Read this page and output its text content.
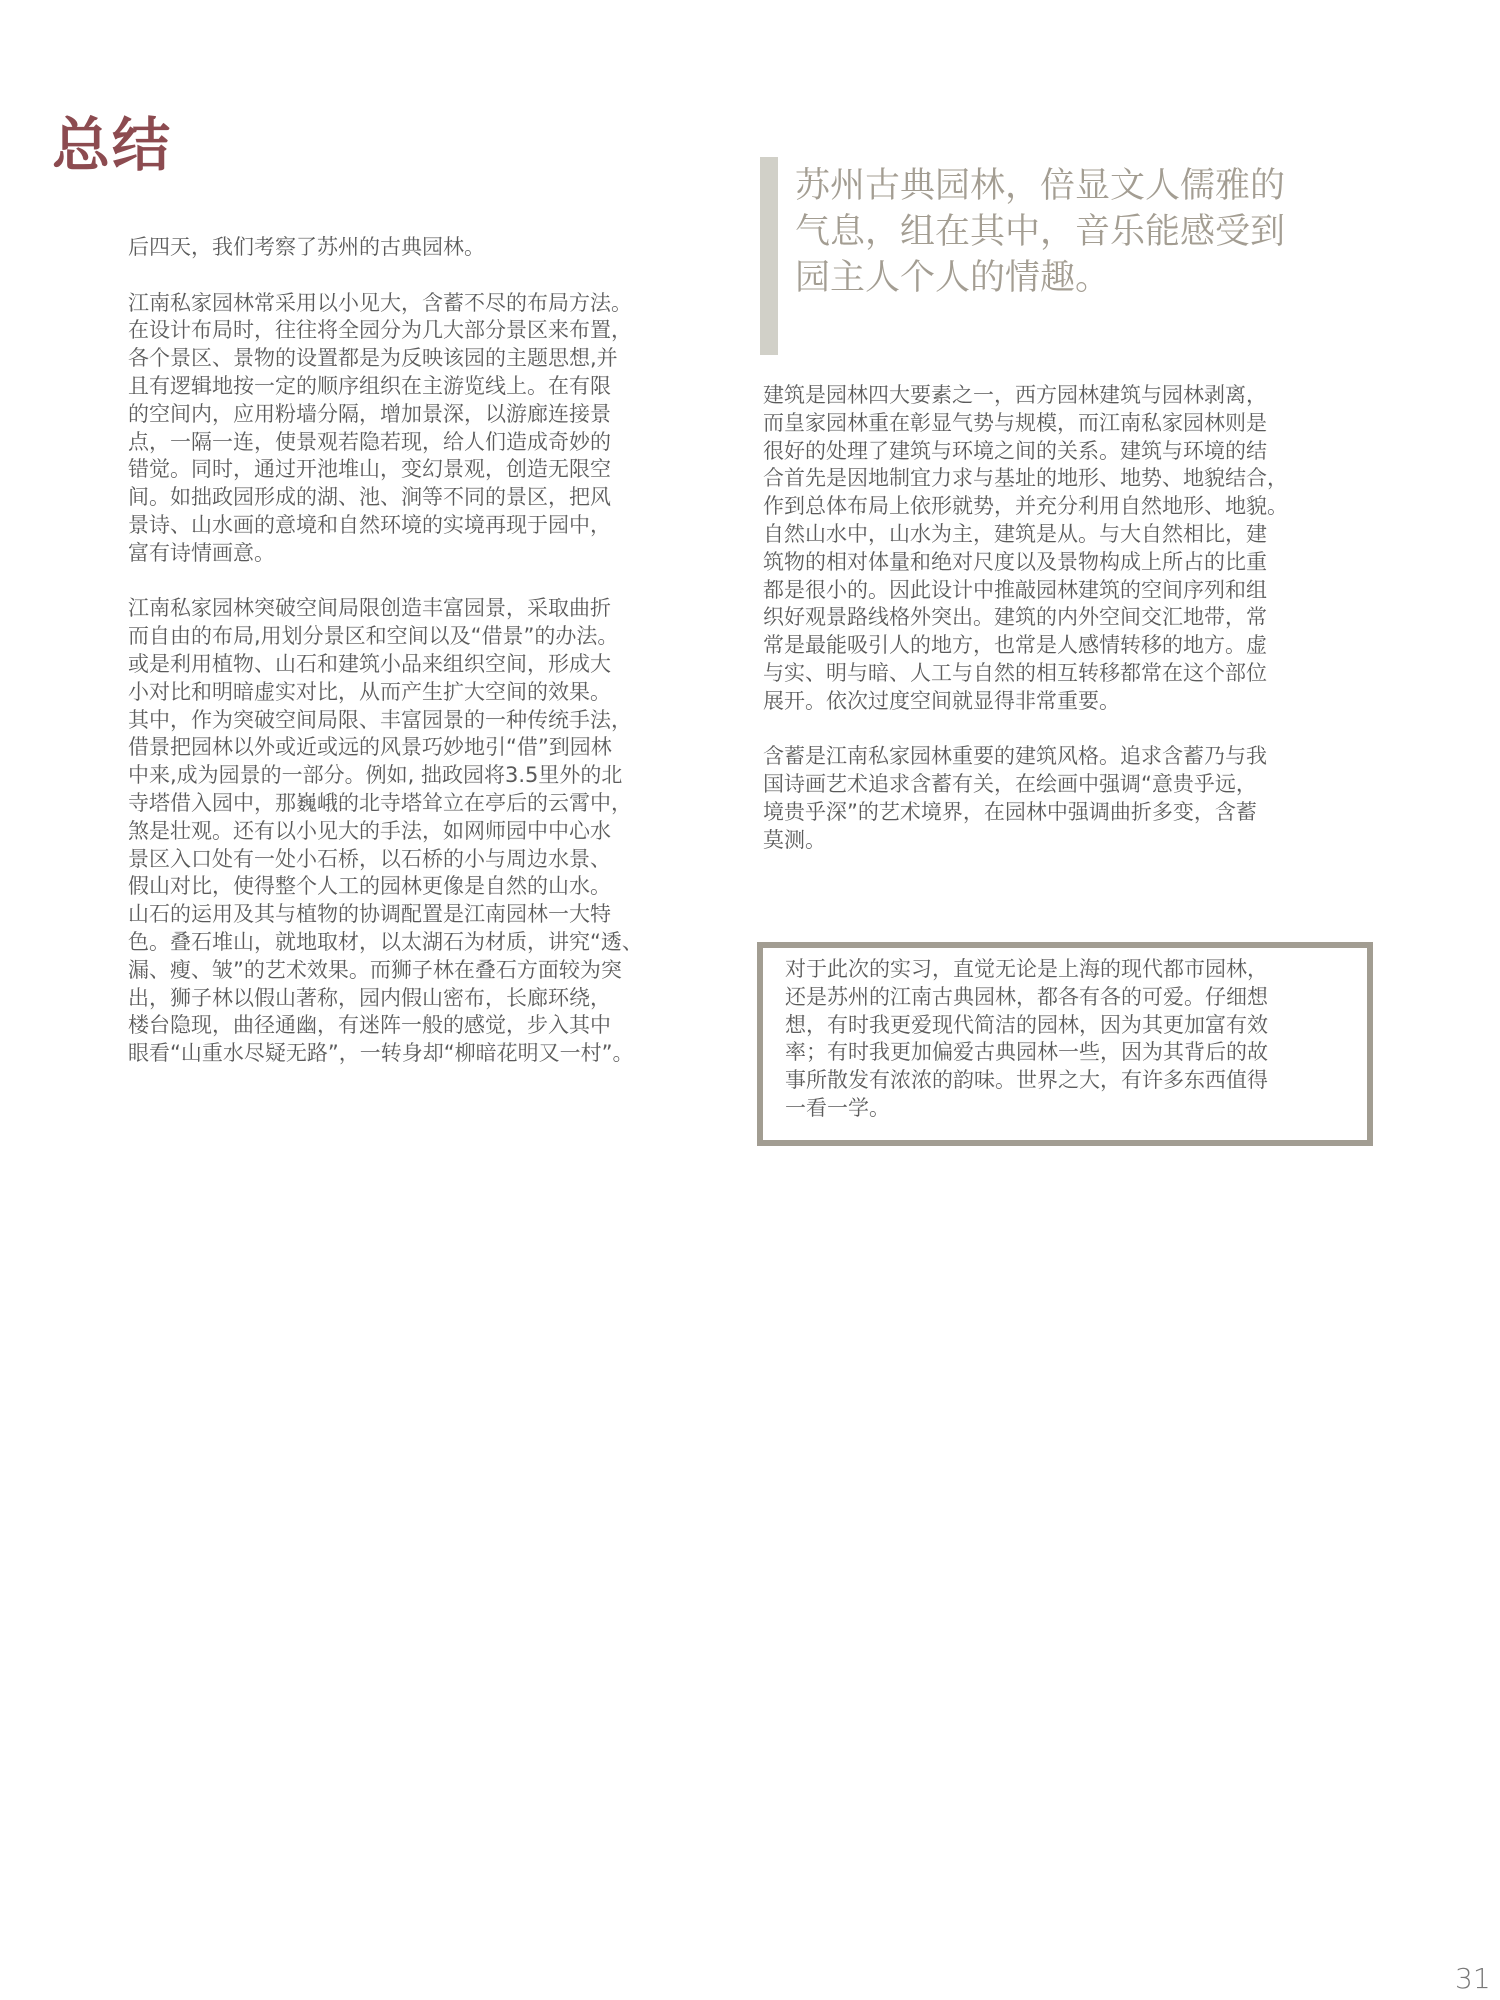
总结
后四天，我们考察了苏州的古典园林。
江南私家园林常采用以小见大，含蓄不尽的布局方法。
在设计布局时，往往将全园分为几大部分景区来布置，
各个景区、景物的设置都是为反映该园的主题思想,并
且有逻辑地按一定的顺序组织在主游览线上。在有限
的空间内，应用粉墙分隔，增加景深，以游廊连接景
点，一隔一连，使景观若隐若现，给人们造成奇妙的
错觉。同时，通过开池堆山，变幻景观，创造无限空
间。如拙政园形成的湖、池、涧等不同的景区，把风
景诗、山水画的意境和自然环境的实境再现于园中，
富有诗情画意。
江南私家园林突破空间局限创造丰富园景，采取曲折
而自由的布局,用划分景区和空间以及“借景”的办法。
或是利用植物、山石和建筑小品来组织空间，形成大
小对比和明暗虚实对比，从而产生扩大空间的效果。
其中，作为突破空间局限、丰富园景的一种传统手法，
借景把园林以外或近或远的风景巧妙地引“借”到园林
中来,成为园景的一部分。例如, 拙政园将3.5里外的北
寺塔借入园中，那巍峨的北寺塔耸立在亭后的云霄中，
煞是壮观。还有以小见大的手法，如网师园中中心水
景区入口处有一处小石桥，以石桥的小与周边水景、
假山对比，使得整个人工的园林更像是自然的山水。
山石的运用及其与植物的协调配置是江南园林一大特
色。叠石堆山，就地取材，以太湖石为材质，讲究“透、
漏、瘦、皱”的艺术效果。而狮子林在叠石方面较为突
出，狮子林以假山著称，园内假山密布，长廊环绕，
楼台隐现，曲径通幽，有迷阵一般的感觉，步入其中
眼看“山重水尽疑无路”，一转身却“柳暗花明又一村”。
苏州古典园林，倍显文人儒雅的
气息，组在其中，音乐能感受到
园主人个人的情趣。
建筑是园林四大要素之一，西方园林建筑与园林剥离，
而皇家园林重在彰显气势与规模，而江南私家园林则是
很好的处理了建筑与环境之间的关系。建筑与环境的结
合首先是因地制宜力求与基址的地形、地势、地貌结合，
作到总体布局上依形就势，并充分利用自然地形、地貌。
自然山水中，山水为主，建筑是从。与大自然相比，建
筑物的相对体量和绝对尺度以及景物构成上所占的比重
都是很小的。因此设计中推敲园林建筑的空间序列和组
织好观景路线格外突出。建筑的内外空间交汇地带，常
常是最能吸引人的地方，也常是人感情转移的地方。虚
与实、明与暗、人工与自然的相互转移都常在这个部位
展开。依次过度空间就显得非常重要。
含蓄是江南私家园林重要的建筑风格。追求含蓄乃与我
国诗画艺术追求含蓄有关，在绘画中强调“意贵乎远，
境贵乎深”的艺术境界，在园林中强调曲折多变，含蓄
莫测。
对于此次的实习，直觉无论是上海的现代都市园林，
还是苏州的江南古典园林，都各有各的可爱。仔细想
想，有时我更爱现代简洁的园林，因为其更加富有效
率；有时我更加偏爱古典园林一些，因为其背后的故
事所散发有浓浓的韵味。世界之大，有许多东西值得
一看一学。
31
